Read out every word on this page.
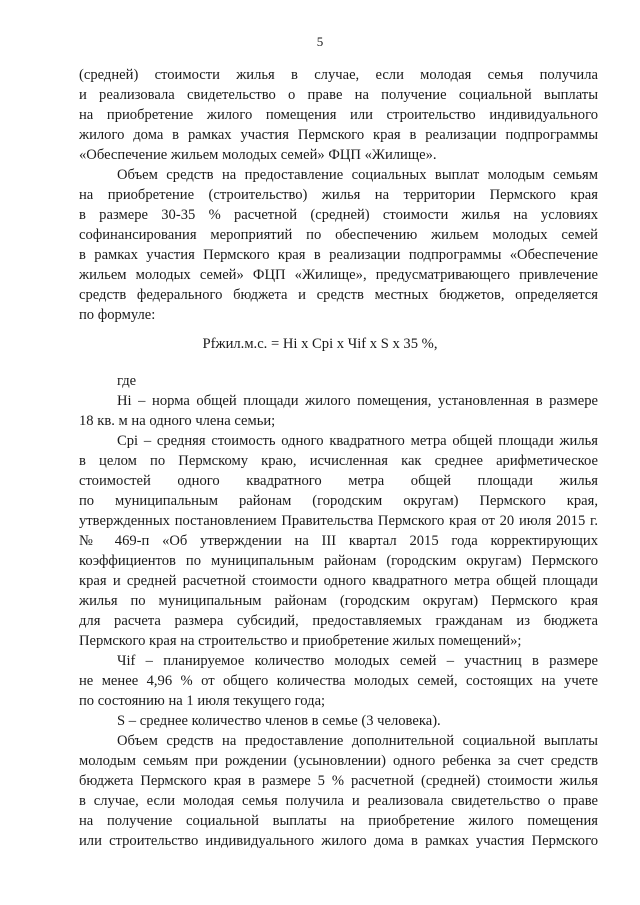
5
(средней) стоимости жилья в случае, если молодая семья получила
и реализовала свидетельство о праве на получение социальной выплаты
на приобретение жилого помещения или строительство индивидуального
жилого дома в рамках участия Пермского края в реализации подпрограммы
«Обеспечение жильем молодых семей» ФЦП «Жилище».
Объем средств на предоставление социальных выплат молодым семьям
на приобретение (строительство) жилья на территории Пермского края
в размере 30-35 % расчетной (средней) стоимости жилья на условиях
софинансирования мероприятий по обеспечению жильем молодых семей
в рамках участия Пермского края в реализации подпрограммы «Обеспечение
жильем молодых семей» ФЦП «Жилище», предусматривающего привлечение
средств федерального бюджета и средств местных бюджетов, определяется
по формуле:
Рfжил.м.с. = Hi x Cpi x Чif x S x 35 %,
где
Hi – норма общей площади жилого помещения, установленная в размере
18 кв. м на одного члена семьи;
Cpi – средняя стоимость одного квадратного метра общей площади жилья
в целом по Пермскому краю, исчисленная как среднее арифметическое
стоимостей одного квадратного метра общей площади жилья
по муниципальным районам (городским округам) Пермского края,
утвержденных постановлением Правительства Пермского края от 20 июля 2015 г.
№ 469-п «Об утверждении на III квартал 2015 года корректирующих
коэффициентов по муниципальным районам (городским округам) Пермского
края и средней расчетной стоимости одного квадратного метра общей площади
жилья по муниципальным районам (городским округам) Пермского края
для расчета размера субсидий, предоставляемых гражданам из бюджета
Пермского края на строительство и приобретение жилых помещений»;
Чif – планируемое количество молодых семей – участниц в размере
не менее 4,96 % от общего количества молодых семей, состоящих на учете
по состоянию на 1 июля текущего года;
S – среднее количество членов в семье (3 человека).
Объем средств на предоставление дополнительной социальной выплаты
молодым семьям при рождении (усыновлении) одного ребенка за счет средств
бюджета Пермского края в размере 5 % расчетной (средней) стоимости жилья
в случае, если молодая семья получила и реализовала свидетельство о праве
на получение социальной выплаты на приобретение жилого помещения
или строительство индивидуального жилого дома в рамках участия Пермского
